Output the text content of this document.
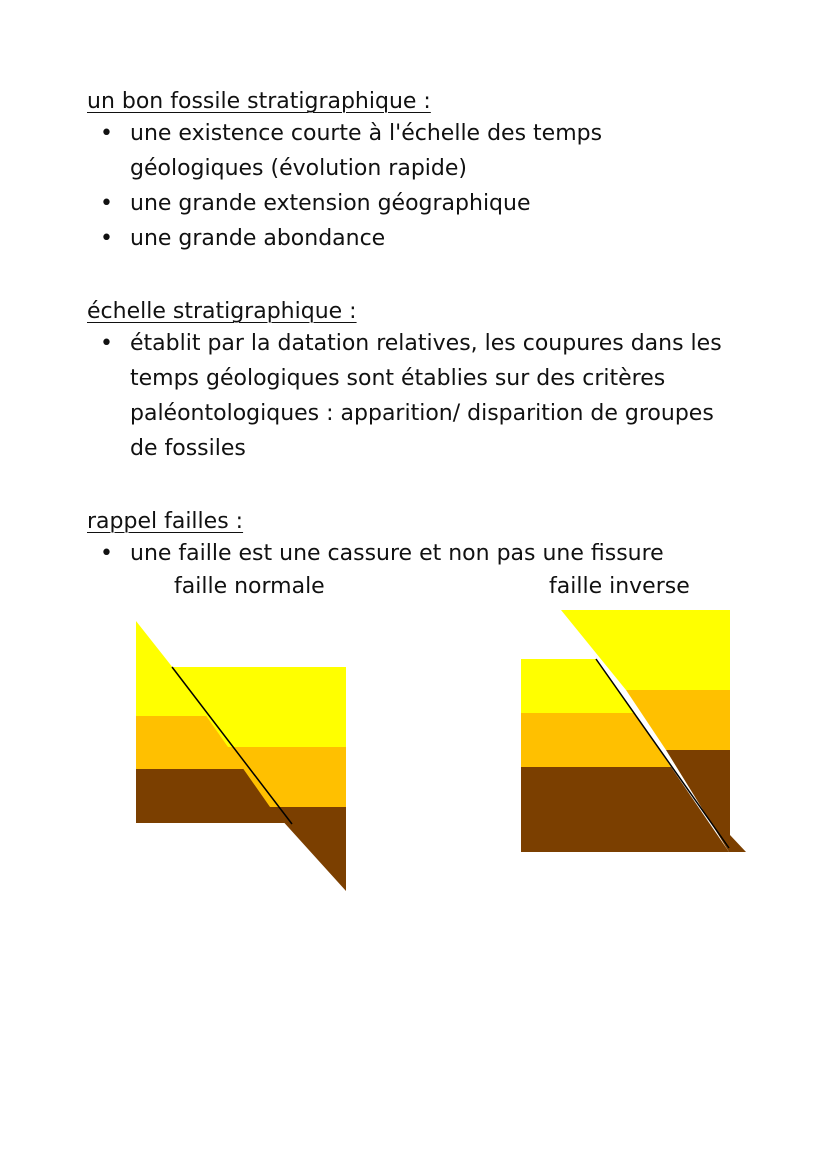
un bon fossile stratigraphique :
• une existence courte à l'échelle des temps géologiques (évolution rapide)
• une grande extension géographique
• une grande abondance
échelle stratigraphique :
• établit par la datation relatives, les coupures dans les temps géologiques sont établies sur des critères paléontologiques : apparition/ disparition de groupes de fossiles
rappel failles :
• une faille est une cassure et non pas une fissure
faille normale	faille inverse
